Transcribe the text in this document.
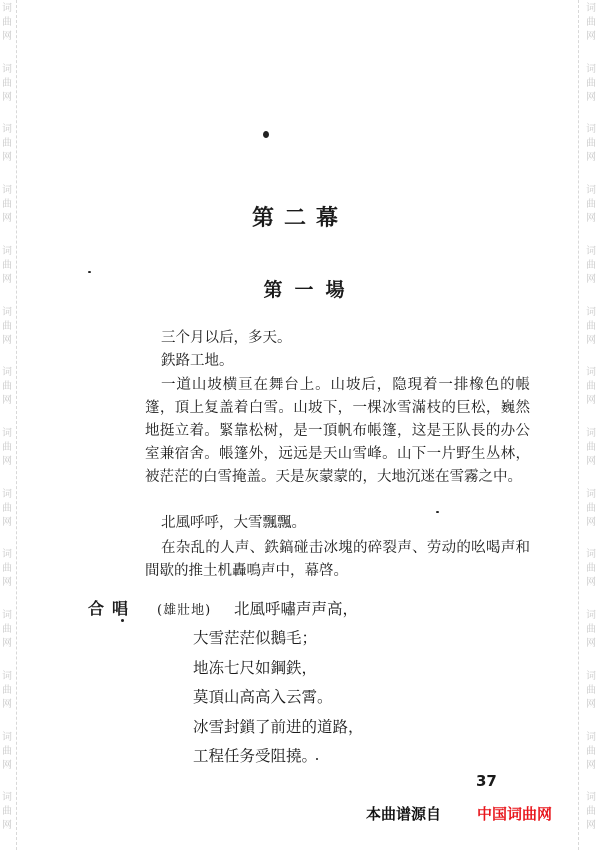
词
曲
网
词
曲
网
词
曲
网
词
曲
网
词
曲
网
词
曲
网
词
曲
网
词
曲
网
词
曲
网
词
曲
网
词
曲
网
词
曲
网
词
曲
网
词
曲
网
词
曲
网
词
曲
网
词
曲
网
词
曲
网
词
曲
网
词
曲
网
词
曲
网
词
曲
网
词
曲
网
词
曲
网
词
曲
网
词
曲
网
词
曲
网
词
曲
网
第二幕
第一場

三个月以后，多天。

鉄路工地。

一道山坡横亘在舞台上。山坡后，隐現着一排橡色的帳篷，頂上复盖着白雪。山坡下，一棵冰雪滿枝的巨松，巍然地挺立着。緊靠松树，是一頂帆布帳篷，这是王队長的办公室兼宿舍。帳篷外，远远是天山雪峰。山下一片野生丛林，被茫茫的白雪掩盖。天是灰蒙蒙的，大地沉迷在雪霧之中。

北風呼呼，大雪飄飄。

在杂乱的人声、鉄鎬碰击冰塊的碎裂声、劳动的吆喝声和間歇的推土机轟鳴声中，幕啓。

合唱 (雄壯地) 北風呼嘯声声高，
大雪茫茫似鵝毛；
地冻七尺如鋼鉄，
莫頂山高高入云霄。
冰雪封鎖了前进的道路，
工程任务受阻撓。
37
本曲谱源自 中国词曲网
